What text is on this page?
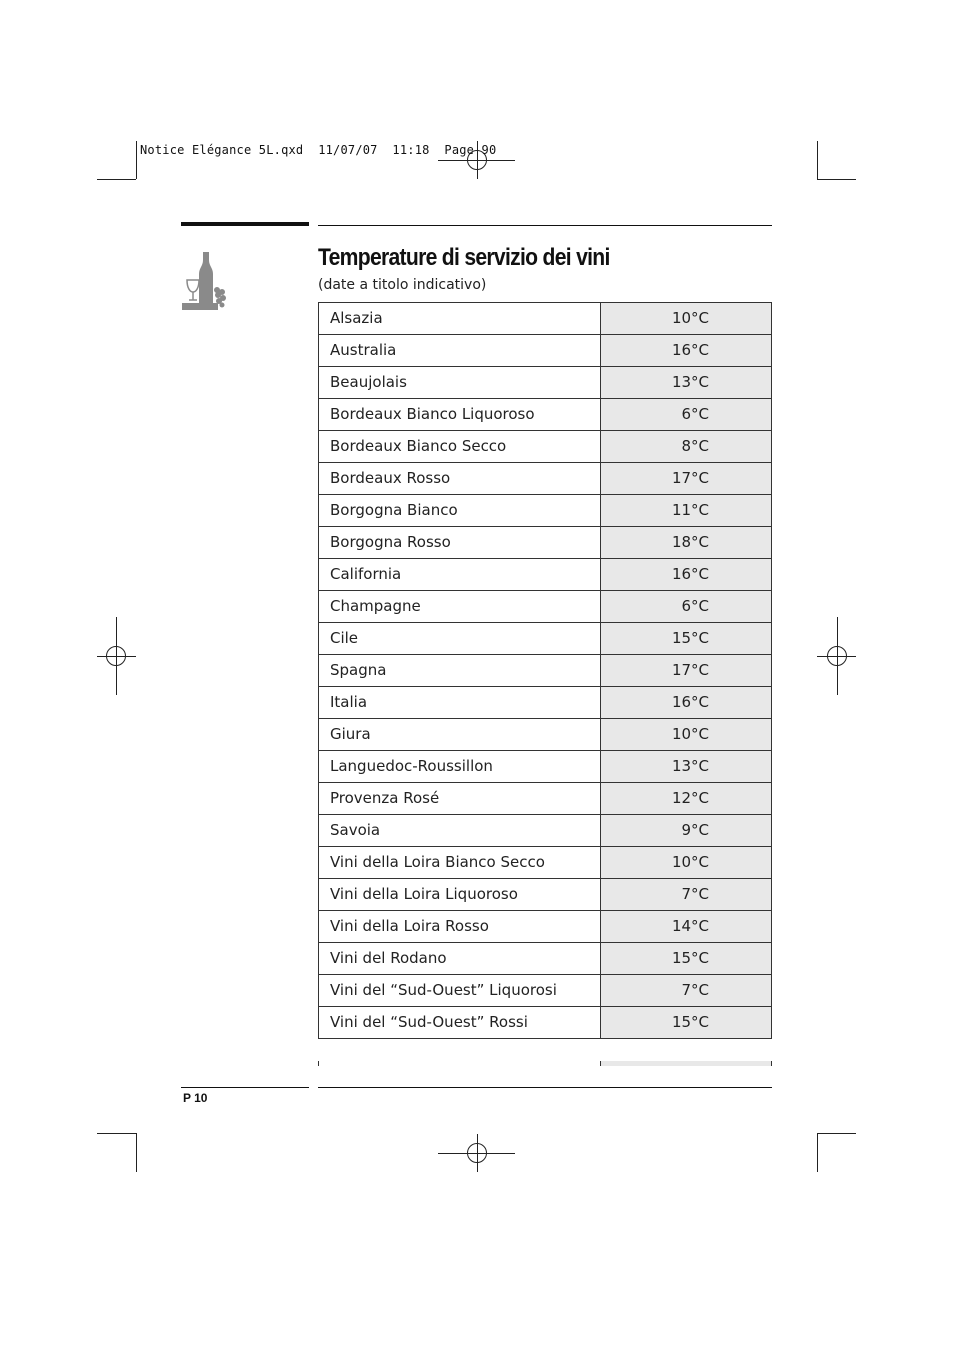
Notice Elégance 5L.qxd  11/07/07  11:18  Page 90
Temperature di servizio dei vini
(date a titolo indicativo)
Alsazia	10°C
Australia	16°C
Beaujolais	13°C
Bordeaux Bianco Liquoroso	6°C
Bordeaux Bianco Secco	8°C
Bordeaux Rosso	17°C
Borgogna Bianco	11°C
Borgogna Rosso	18°C
California	16°C
Champagne	6°C
Cile	15°C
Spagna	17°C
Italia	16°C
Giura	10°C
Languedoc-Roussillon	13°C
Provenza Rosé	12°C
Savoia	9°C
Vini della Loira Bianco Secco	10°C
Vini della Loira Liquoroso	7°C
Vini della Loira Rosso	14°C
Vini del Rodano	15°C
Vini del “Sud-Ouest” Liquorosi	7°C
Vini del “Sud-Ouest” Rossi	15°C
P 10
